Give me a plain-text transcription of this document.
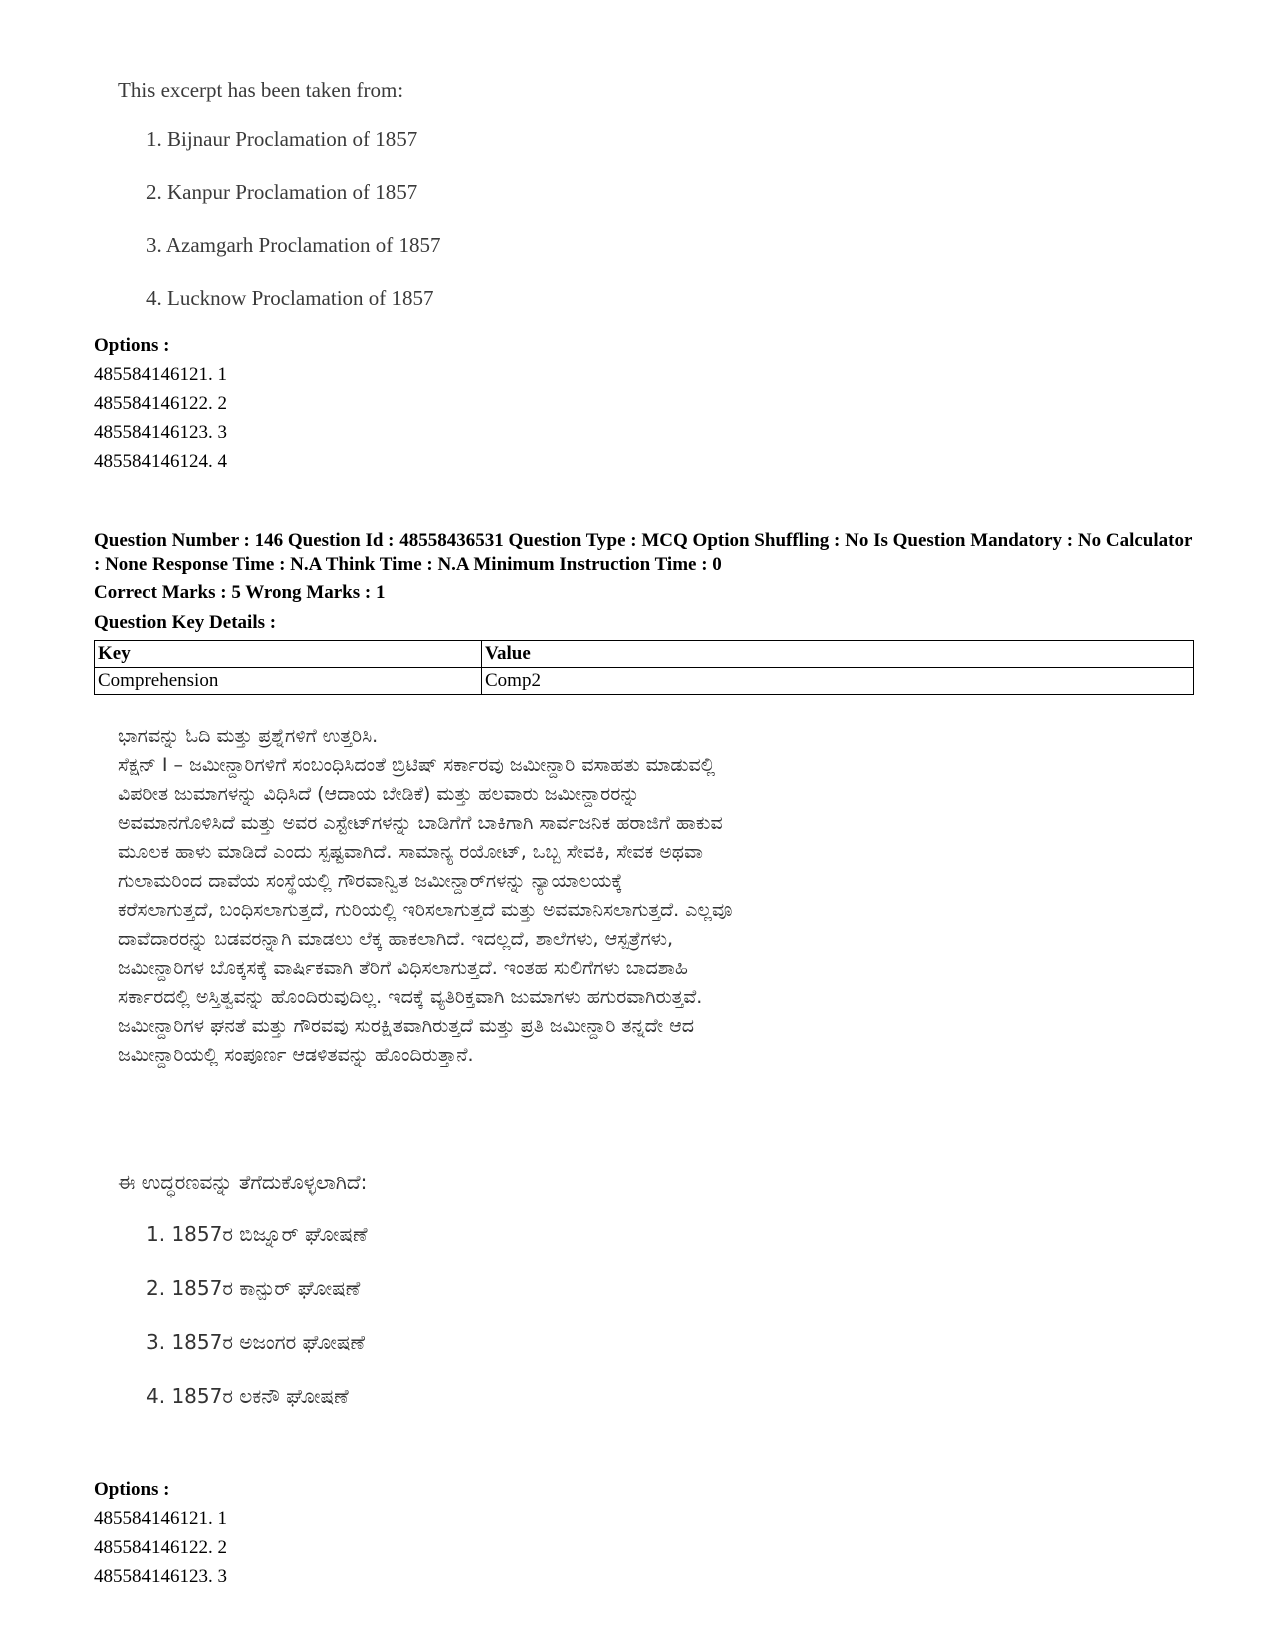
This excerpt has been taken from:
1. Bijnaur Proclamation of 1857
2. Kanpur Proclamation of 1857
3. Azamgarh Proclamation of 1857
4. Lucknow Proclamation of 1857
Options :
485584146121. 1
485584146122. 2
485584146123. 3
485584146124. 4
Question Number : 146 Question Id : 48558436531 Question Type : MCQ Option Shuffling : No Is Question Mandatory : No Calculator : None Response Time : N.A Think Time : N.A Minimum Instruction Time : 0
Correct Marks : 5 Wrong Marks : 1
Question Key Details :
Key	Value
Comprehension	Comp2

ಭಾಗವನ್ನು ಓದಿ ಮತ್ತು ಪ್ರಶ್ನೆಗಳಿಗೆ ಉತ್ತರಿಸಿ.

ಸೆಕ್ಷನ್ I – ಜಮೀನ್ದಾರಿಗಳಿಗೆ ಸಂಬಂಧಿಸಿದಂತೆ ಬ್ರಿಟಿಷ್ ಸರ್ಕಾರವು ಜಮೀನ್ದಾರಿ ವಸಾಹತು ಮಾಡುವಲ್ಲಿ

ವಿಪರೀತ ಜುಮಾಗಳನ್ನು ವಿಧಿಸಿದೆ (ಆದಾಯ ಬೇಡಿಕೆ) ಮತ್ತು ಹಲವಾರು ಜಮೀನ್ದಾರರನ್ನು

ಅವಮಾನಗೊಳಿಸಿದೆ ಮತ್ತು ಅವರ ಎಸ್ಟೇಟ್‌ಗಳನ್ನು ಬಾಡಿಗೆಗೆ ಬಾಕಿಗಾಗಿ ಸಾರ್ವಜನಿಕ ಹರಾಜಿಗೆ ಹಾಕುವ

ಮೂಲಕ ಹಾಳು ಮಾಡಿದೆ ಎಂದು ಸ್ಪಷ್ಟವಾಗಿದೆ. ಸಾಮಾನ್ಯ ರಯೋಟ್, ಒಬ್ಬ ಸೇವಕಿ, ಸೇವಕ ಅಥವಾ

ಗುಲಾಮರಿಂದ ದಾವೆಯ ಸಂಸ್ಥೆಯಲ್ಲಿ ಗೌರವಾನ್ವಿತ ಜಮೀನ್ದಾರ್‌ಗಳನ್ನು ನ್ಯಾಯಾಲಯಕ್ಕೆ

ಕರೆಸಲಾಗುತ್ತದೆ, ಬಂಧಿಸಲಾಗುತ್ತದೆ, ಗುರಿಯಲ್ಲಿ ಇರಿಸಲಾಗುತ್ತದೆ ಮತ್ತು ಅವಮಾನಿಸಲಾಗುತ್ತದೆ. ಎಲ್ಲವೂ

ದಾವೆದಾರರನ್ನು ಬಡವರನ್ನಾಗಿ ಮಾಡಲು ಲೆಕ್ಕ ಹಾಕಲಾಗಿದೆ. ಇದಲ್ಲದೆ, ಶಾಲೆಗಳು, ಆಸ್ಪತ್ರೆಗಳು,

ಜಮೀನ್ದಾರಿಗಳ ಬೊಕ್ಕಸಕ್ಕೆ ವಾರ್ಷಿಕವಾಗಿ ತೆರಿಗೆ ವಿಧಿಸಲಾಗುತ್ತದೆ. ಇಂತಹ ಸುಲಿಗೆಗಳು ಬಾದಶಾಹಿ

ಸರ್ಕಾರದಲ್ಲಿ ಅಸ್ತಿತ್ವವನ್ನು ಹೊಂದಿರುವುದಿಲ್ಲ. ಇದಕ್ಕೆ ವ್ಯತಿರಿಕ್ತವಾಗಿ ಜುಮಾಗಳು ಹಗುರವಾಗಿರುತ್ತವೆ.

ಜಮೀನ್ದಾರಿಗಳ ಘನತೆ ಮತ್ತು ಗೌರವವು ಸುರಕ್ಷಿತವಾಗಿರುತ್ತದೆ ಮತ್ತು ಪ್ರತಿ ಜಮೀನ್ದಾರಿ ತನ್ನದೇ ಆದ

ಜಮೀನ್ದಾರಿಯಲ್ಲಿ ಸಂಪೂರ್ಣ ಆಡಳಿತವನ್ನು ಹೊಂದಿರುತ್ತಾನೆ.

ಈ ಉದ್ಧರಣವನ್ನು ತೆಗೆದುಕೊಳ್ಳಲಾಗಿದೆ:
1. 1857ರ ಬಿಜ್ನೂರ್ ಘೋಷಣೆ
2. 1857ರ ಕಾನ್ಪುರ್ ಘೋಷಣೆ
3. 1857ರ ಅಜಂಗರ ಘೋಷಣೆ
4. 1857ರ ಲಕನೌ ಘೋಷಣೆ
Options :
485584146121. 1
485584146122. 2
485584146123. 3
